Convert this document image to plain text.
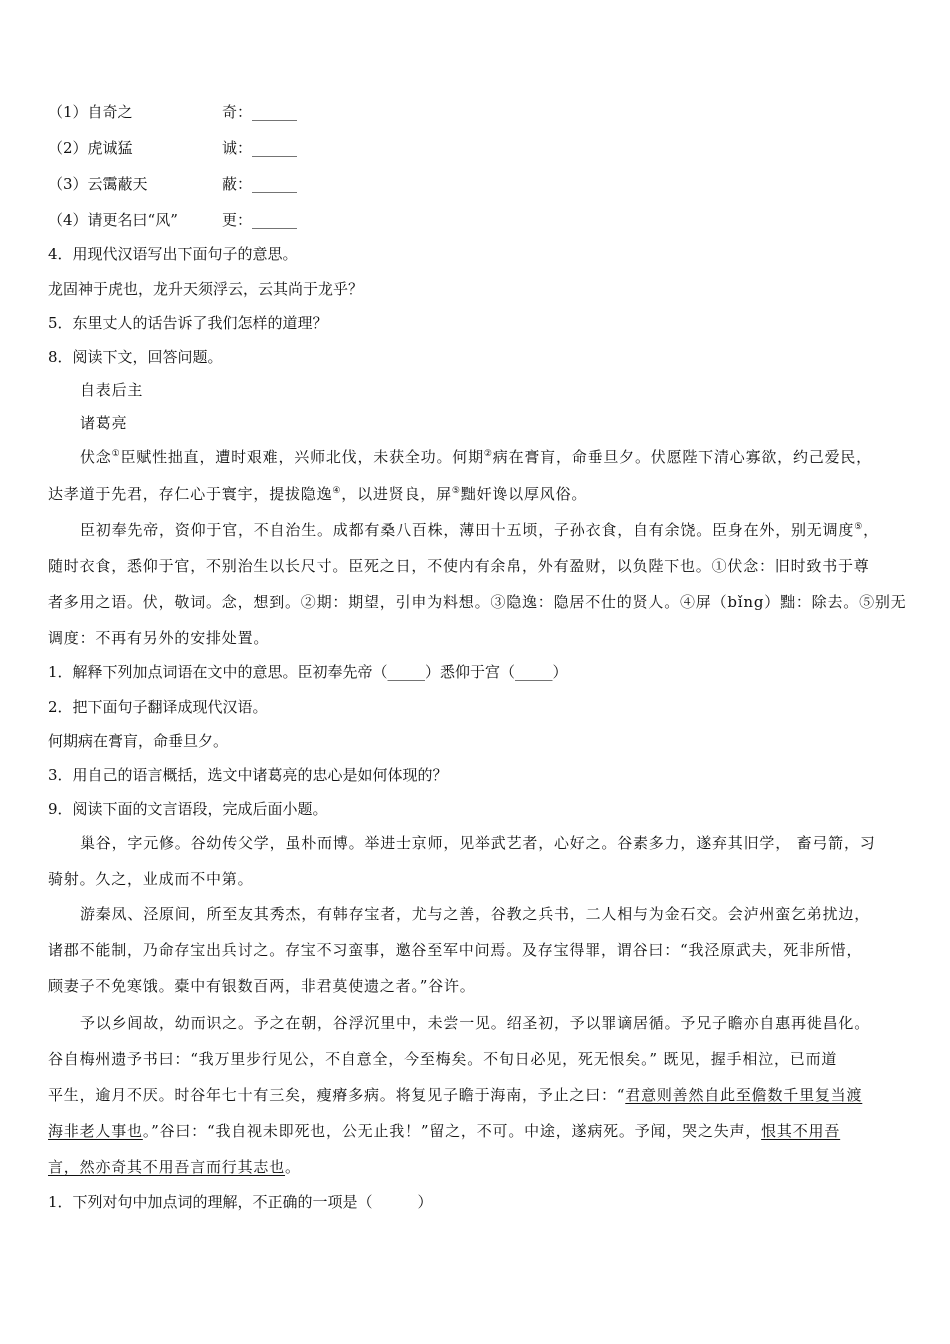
（1）自奇之	奇：______
（2）虎诚猛	诚：______
（3）云霭蔽天	蔽：______
（4）请更名曰“风”	更：______
4．用现代汉语写出下面句子的意思。
龙固神于虎也，龙升天须浮云，云其尚于龙乎？
5．东里丈人的话告诉了我们怎样的道理？
8．阅读下文，回答问题。
自表后主
诸葛亮
伏念①臣赋性拙直，遭时艰难，兴师北伐，未获全功。何期②病在膏肓，命垂旦夕。伏愿陛下清心寡欲，约己爱民，
达孝道于先君，存仁心于寰宇，提拔隐逸④，以进贤良，屏⑤黜奸谗以厚风俗。
臣初奉先帝，资仰于官，不自治生。成都有桑八百株，薄田十五顷，子孙衣食，自有余饶。臣身在外，别无调度⑤，
随时衣食，悉仰于官，不别治生以长尺寸。臣死之日，不使内有余帛，外有盈财，以负陛下也。①伏念：旧时致书于尊
者多用之语。伏，敬词。念，想到。②期：期望，引申为料想。③隐逸：隐居不仕的贤人。④屏（bǐng）黜：除去。⑤别无
调度：不再有另外的安排处置。
1．解释下列加点词语在文中的意思。臣初奉先帝（_____）悉仰于宫（_____）
2．把下面句子翻译成现代汉语。
何期病在膏肓，命垂旦夕。
3．用自己的语言概括，选文中诸葛亮的忠心是如何体现的？
9．阅读下面的文言语段，完成后面小题。
巢谷，字元修。谷幼传父学，虽朴而博。举进士京师，见举武艺者，心好之。谷素多力，遂弃其旧学， 畜弓箭，习
骑射。久之，业成而不中第。
游秦凤、泾原间，所至友其秀杰，有韩存宝者，尤与之善，谷教之兵书，二人相与为金石交。会泸州蛮乞弟扰边，
诸郡不能制，乃命存宝出兵讨之。存宝不习蛮事，邀谷至军中问焉。及存宝得罪，谓谷曰：“我泾原武夫，死非所惜，
顾妻子不免寒饿。橐中有银数百两，非君莫使遗之者。”谷许。
予以乡闾故，幼而识之。予之在朝，谷浮沉里中，未尝一见。绍圣初，予以罪谪居循。予兄子瞻亦自惠再徙昌化。
谷自梅州遗予书曰：“我万里步行见公，不自意全，今至梅矣。不旬日必见，死无恨矣。” 既见，握手相泣，已而道
平生，逾月不厌。时谷年七十有三矣，瘦瘠多病。将复见子瞻于海南，予止之曰：“君意则善然自此至儋数千里复当渡
海非老人事也。”谷曰：“我自视未即死也，公无止我！”留之，不可。中途，遂病死。予闻，哭之失声，恨其不用吾
言，然亦奇其不用吾言而行其志也。
1．下列对句中加点词的理解，不正确的一项是（　　　）
